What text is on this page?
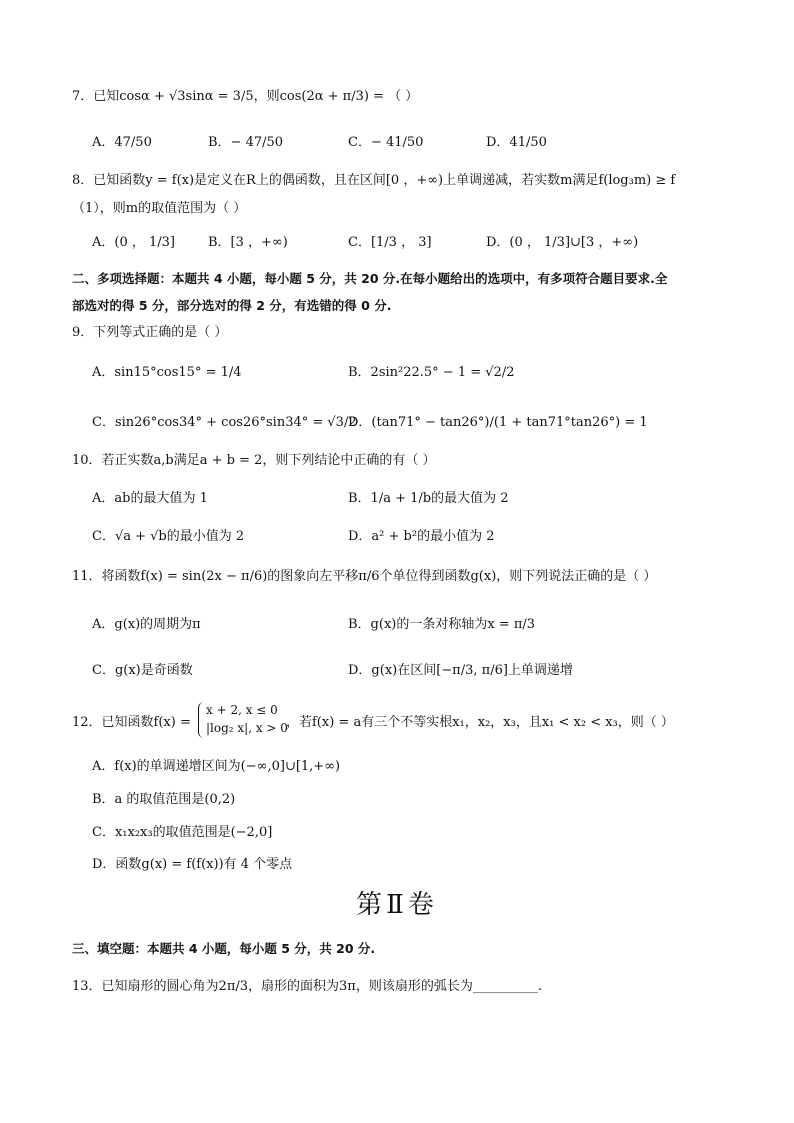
7．已知cosα + √3sinα = 3/5，则cos(2α + π/3) = （ ）
A．47/50	B．− 47/50	C．− 41/50	D．41/50
8．已知函数y = f(x)是定义在R上的偶函数，且在区间[0 ，+∞)上单调递减，若实数m满足f(log₃m) ≥ f
（1），则m的取值范围为（ ）
A．(0 ， 1/3]	B．[3 ，+∞)	C．[1/3 ， 3]	D．(0 ， 1/3]∪[3 ，+∞)
二、多项选择题：本题共 4 小题，每小题 5 分，共 20 分.在每小题给出的选项中，有多项符合题目要求.全
部选对的得 5 分，部分选对的得 2 分，有选错的得 0 分.
9．下列等式正确的是（ ）
A．sin15°cos15° = 1/4	B．2sin²22.5° − 1 = √2/2
C．sin26°cos34° + cos26°sin34° = √3/2
D．(tan71° − tan26°)/(1 + tan71°tan26°) = 1
10．若正实数a,b满足a + b = 2，则下列结论中正确的有（ ）
A．ab的最大值为 1	B．1/a + 1/b的最大值为 2
C．√a + √b的最小值为 2	D．a² + b²的最小值为 2
11．将函数f(x) = sin(2x − π/6)的图象向左平移π/6个单位得到函数g(x)，则下列说法正确的是（ ）
A．g(x)的周期为π	B．g(x)的一条对称轴为x = π/3
C．g(x)是奇函数	D．g(x)在区间[−π/3, π/6]上单调递增
12．已知函数f(x) =
x + 2, x ≤ 0
|log₂ x|, x > 0
，若f(x) = a有三个不等实根x₁，x₂，x₃，且x₁ < x₂ < x₃，则（ ）
A．f(x)的单调递增区间为(−∞,0]∪[1,+∞)
B．a 的取值范围是(0,2)
C．x₁x₂x₃的取值范围是(−2,0]
D．函数g(x) = f(f(x))有 4 个零点
第Ⅱ卷
三、填空题：本题共 4 小题，每小题 5 分，共 20 分.
13．已知扇形的圆心角为2π/3，扇形的面积为3π，则该扇形的弧长为__________.
